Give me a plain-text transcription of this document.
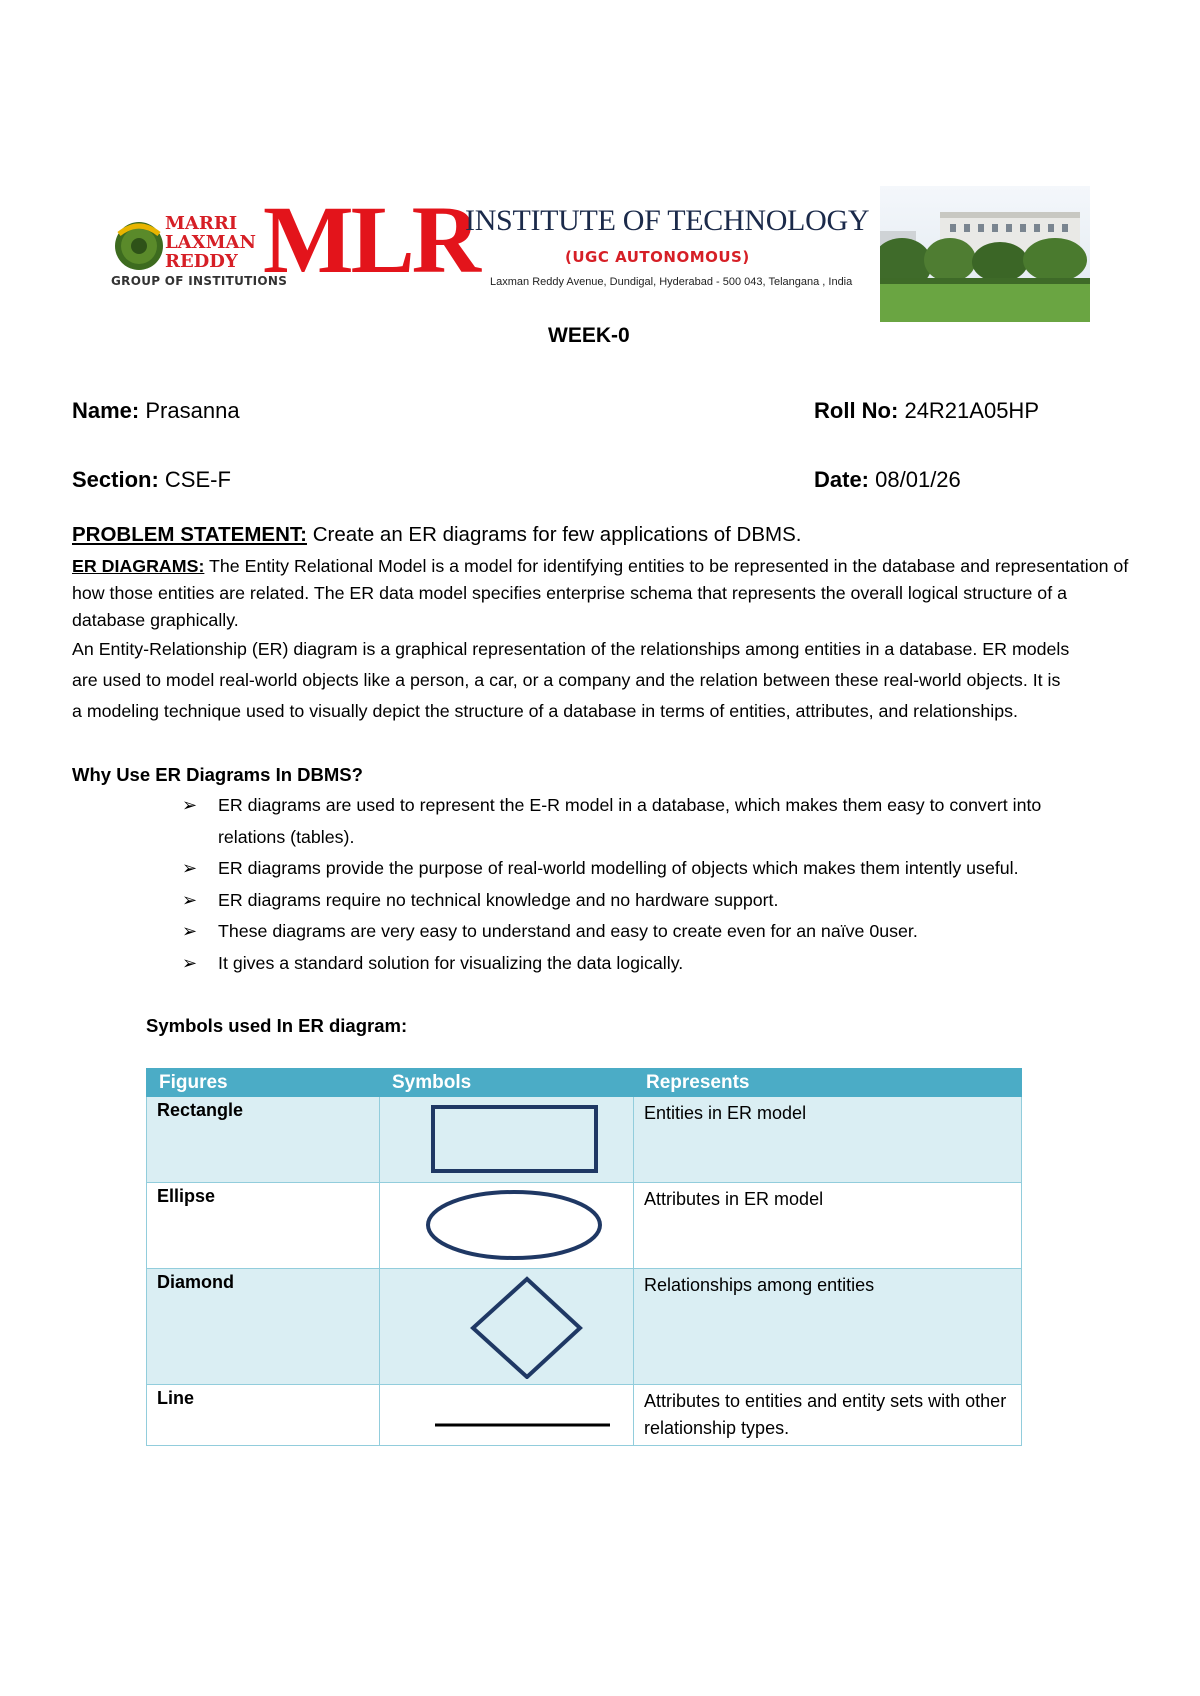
MARRI
LAXMAN
REDDY
GROUP OF INSTITUTIONS
MLR
INSTITUTE OF TECHNOLOGY
(UGC AUTONOMOUS)
Laxman Reddy Avenue, Dundigal, Hyderabad - 500 043, Telangana , India
WEEK-0
Name: Prasanna	Roll No: 24R21A05HP
Section: CSE-F	Date: 08/01/26
PROBLEM STATEMENT: Create an ER diagrams for few applications of DBMS.
ER DIAGRAMS: The Entity Relational Model is a model for identifying entities to be represented in the database and representation of how those entities are related. The ER data model specifies enterprise schema that represents the overall logical structure of a database graphically.
An Entity-Relationship (ER) diagram is a graphical representation of the relationships among entities in a database. ER models are used to model real-world objects like a person, a car, or a company and the relation between these real-world objects. It is a modeling technique used to visually depict the structure of a database in terms of entities, attributes, and relationships.
Why Use ER Diagrams In DBMS?
➢ ER diagrams are used to represent the E-R model in a database, which makes them easy to convert into relations (tables).
➢ ER diagrams provide the purpose of real-world modelling of objects which makes them intently useful.
➢ ER diagrams require no technical knowledge and no hardware support.
➢ These diagrams are very easy to understand and easy to create even for an naïve 0user.
➢ It gives a standard solution for visualizing the data logically.
Symbols used In ER diagram:
Figures	Symbols	Represents
Rectangle		Entities in ER model
Ellipse		Attributes in ER model
Diamond		Relationships among entities
Line		Attributes to entities and entity sets with other relationship types.
